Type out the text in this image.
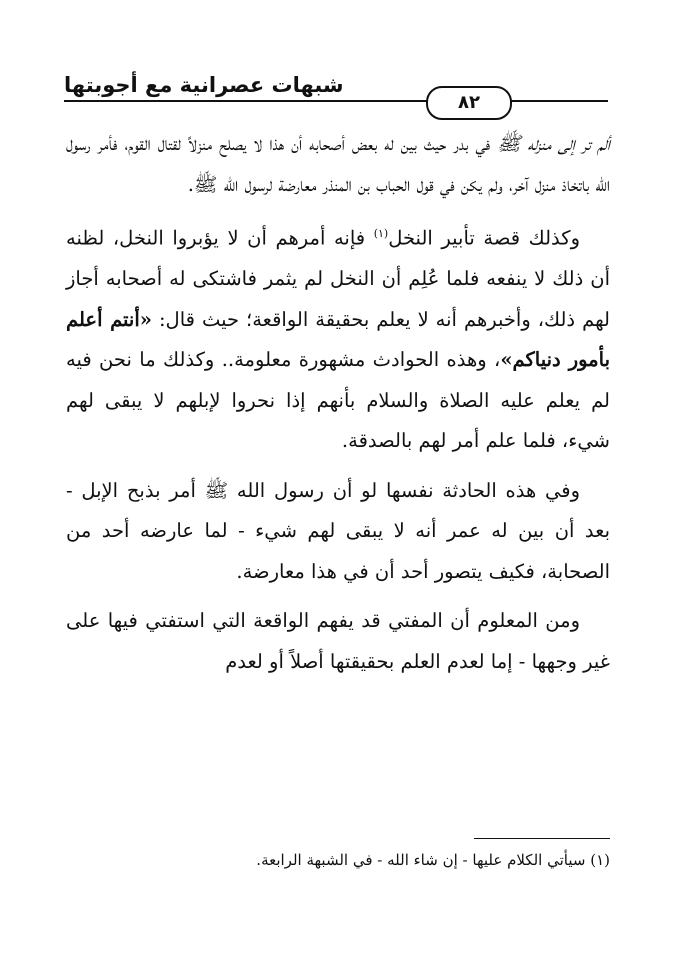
شبهات عصرانية مع أجوبتها
٨٢

ألم تر إلى منزله ﷺ في بدر حيث بين له بعض أصحابه أن هذا لا يصلح منزلاً لقتال القوم، فأمر رسول الله باتخاذ منزل آخر، ولم يكن في قول الحباب بن المنذر معارضة لرسول الله ﷺ.

وكذلك قصة تأبير النخل$^{(١)}$ فإنه أمرهم أن لا يؤبروا النخل، لظنه أن ذلك لا ينفعه فلما عُلِم أن النخل لم يثمر فاشتكى له أصحابه أجاز لهم ذلك، وأخبرهم أنه لا يعلم بحقيقة الواقعة؛ حيث قال: «أنتم أعلم بأمور دنياكم»، وهذه الحوادث مشهورة معلومة.. وكذلك ما نحن فيه لم يعلم عليه الصلاة والسلام بأنهم إذا نحروا لإبلهم لا يبقى لهم شيء، فلما علم أمر لهم بالصدقة.

وفي هذه الحادثة نفسها لو أن رسول الله ﷺ أمر بذبح الإبل - بعد أن بين له عمر أنه لا يبقى لهم شيء - لما عارضه أحد من الصحابة، فكيف يتصور أحد أن في هذا معارضة.

ومن المعلوم أن المفتي قد يفهم الواقعة التي استفتي فيها على غير وجهها - إما لعدم العلم بحقيقتها أصلاً أو لعدم

(١) سيأتي الكلام عليها - إن شاء الله - في الشبهة الرابعة.
